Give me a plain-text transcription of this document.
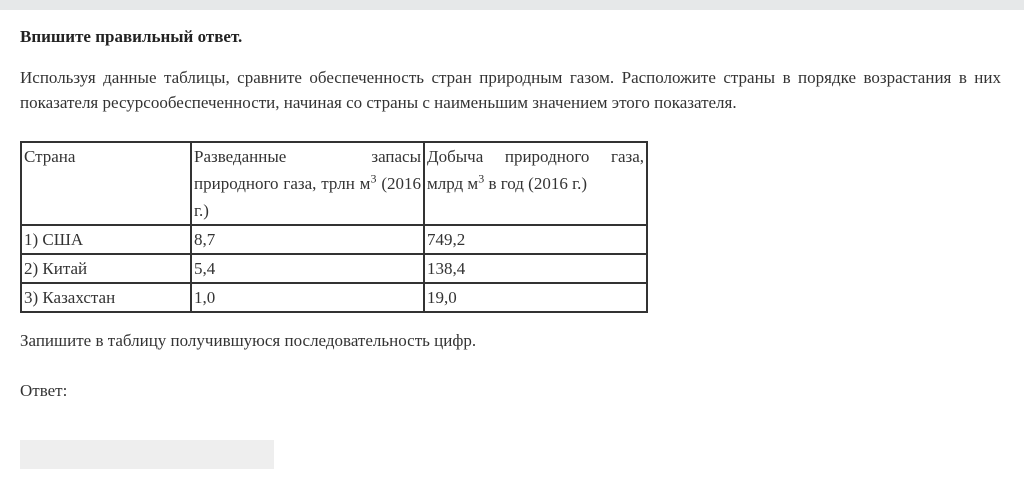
Впишите правильный ответ.

Используя данные таблицы, сравните обеспеченность стран природным газом. Расположите страны в порядке возрастания в них показателя ресурсообеспеченности, начиная со страны с наименьшим значением этого показателя.

Страна	Разведанные запасы природного газа, трлн $м^3$ (2016 г.)	Добыча природного газа, млрд $м^3$ в год (2016 г.)
1) США	8,7	749,2
2) Китай	5,4	138,4
3) Казахстан	1,0	19,0

Запишите в таблицу получившуюся последовательность цифр.

Ответ:
